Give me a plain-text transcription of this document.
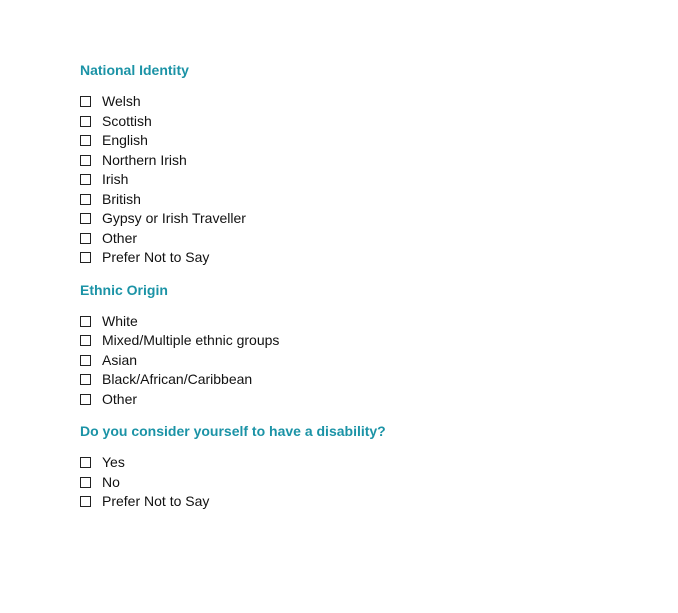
National Identity
Welsh
Scottish
English
Northern Irish
Irish
British
Gypsy or Irish Traveller
Other
Prefer Not to Say
Ethnic Origin
White
Mixed/Multiple ethnic groups
Asian
Black/African/Caribbean
Other
Do you consider yourself to have a disability?
Yes
No
Prefer Not to Say
